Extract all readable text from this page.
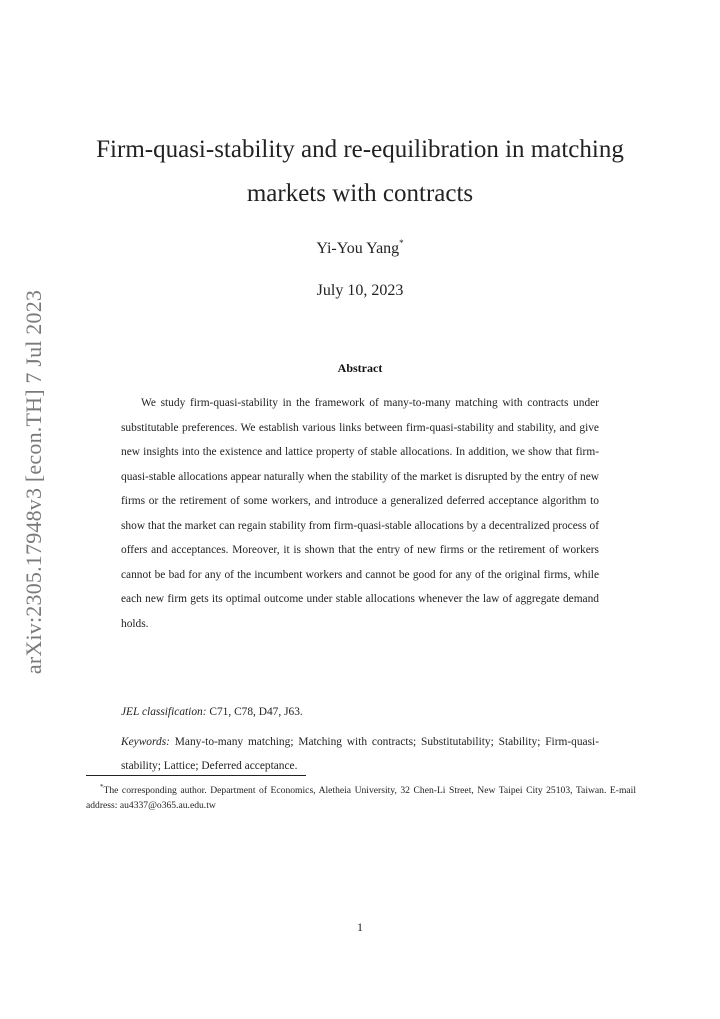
arXiv:2305.17948v3 [econ.TH] 7 Jul 2023
Firm-quasi-stability and re-equilibration in matching markets with contracts
Yi-You Yang*
July 10, 2023
Abstract

We study firm-quasi-stability in the framework of many-to-many matching with contracts under substitutable preferences. We establish various links between firm-quasi-stability and stability, and give new insights into the existence and lattice property of stable allocations. In addition, we show that firm-quasi-stable allocations appear naturally when the stability of the market is disrupted by the entry of new firms or the retirement of some workers, and introduce a generalized deferred acceptance algorithm to show that the market can regain stability from firm-quasi-stable allocations by a decentralized process of offers and acceptances. Moreover, it is shown that the entry of new firms or the retirement of workers cannot be bad for any of the incumbent workers and cannot be good for any of the original firms, while each new firm gets its optimal outcome under stable allocations whenever the law of aggregate demand holds.

JEL classification: C71, C78, D47, J63.
Keywords: Many-to-many matching; Matching with contracts; Substitutability; Stability; Firm-quasi-stability; Lattice; Deferred acceptance.
*The corresponding author. Department of Economics, Aletheia University, 32 Chen-Li Street, New Taipei City 25103, Taiwan. E-mail address: au4337@o365.au.edu.tw
1
